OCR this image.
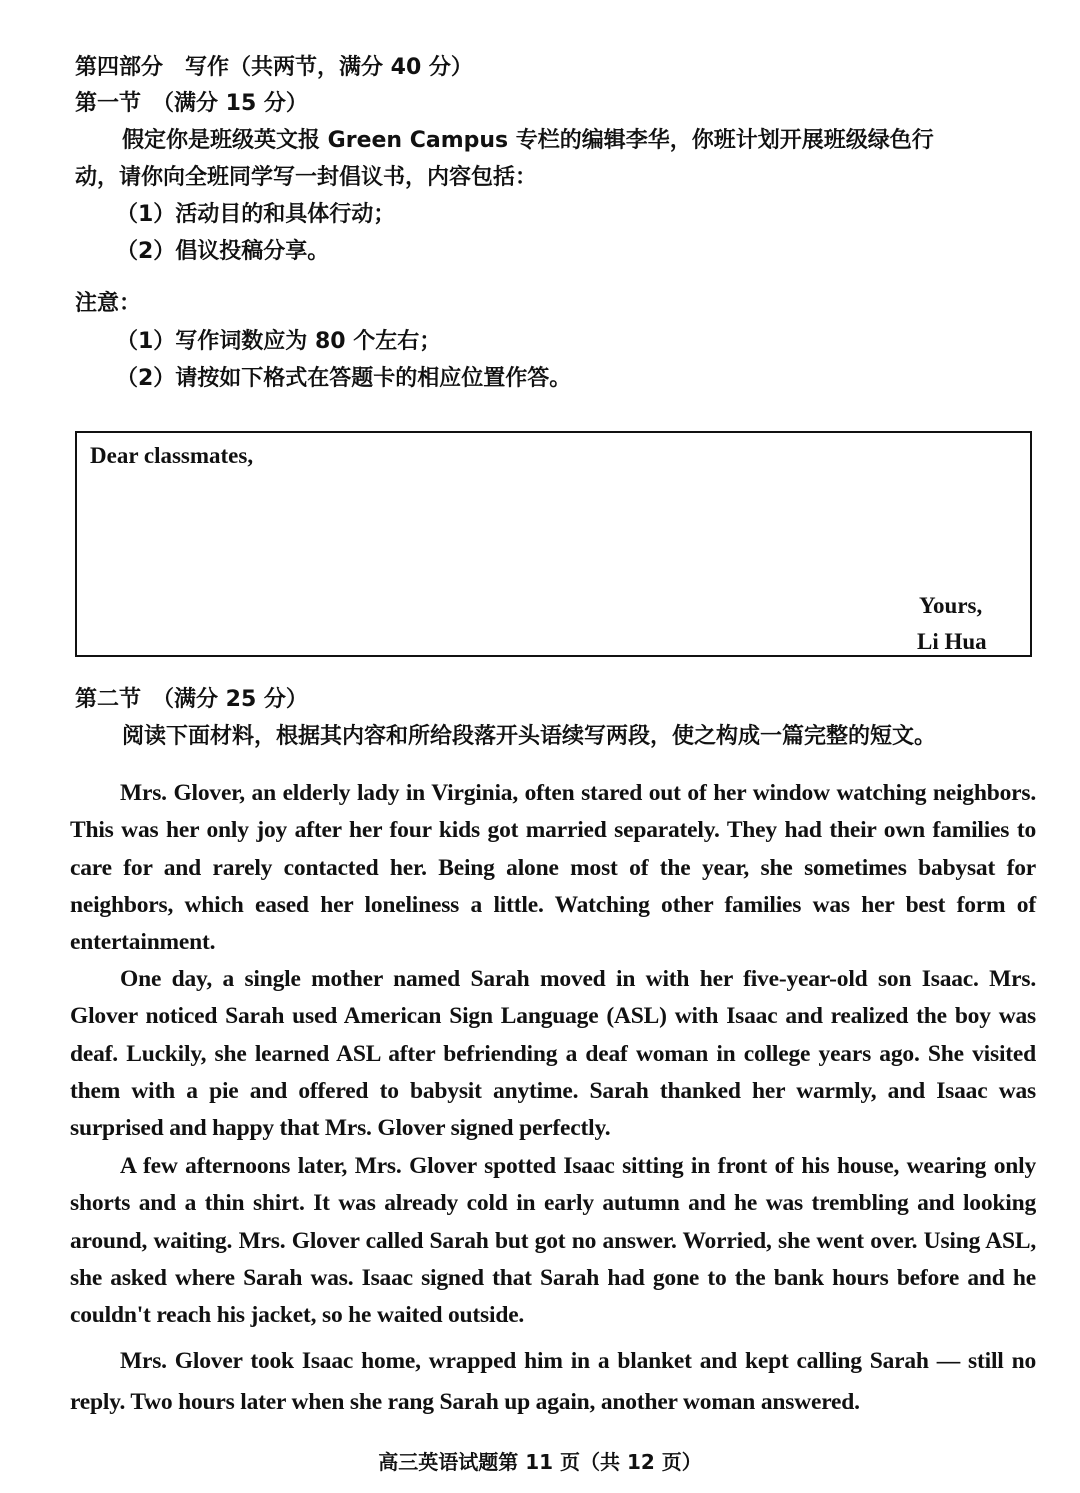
第四部分　写作（共两节，满分 40 分）
第一节　（满分 15 分）
假定你是班级英文报 Green Campus 专栏的编辑李华，你班计划开展班级绿色行
动，请你向全班同学写一封倡议书，内容包括：
（1）活动目的和具体行动；
（2）倡议投稿分享。
注意：
（1）写作词数应为 80 个左右；
（2）请按如下格式在答题卡的相应位置作答。
Dear classmates,
Yours,
Li Hua
第二节　（满分 25 分）
阅读下面材料，根据其内容和所给段落开头语续写两段，使之构成一篇完整的短文。

Mrs. Glover, an elderly lady in Virginia, often stared out of her window watching neighbors. This was her only joy after her four kids got married separately. They had their own families to care for and rarely contacted her. Being alone most of the year, she sometimes babysat for neighbors, which eased her loneliness a little. Watching other families was her best form of entertainment.

One day, a single mother named Sarah moved in with her five-year-old son Isaac. Mrs. Glover noticed Sarah used American Sign Language (ASL) with Isaac and realized the boy was deaf. Luckily, she learned ASL after befriending a deaf woman in college years ago. She visited them with a pie and offered to babysit anytime. Sarah thanked her warmly, and Isaac was surprised and happy that Mrs. Glover signed perfectly.

A few afternoons later, Mrs. Glover spotted Isaac sitting in front of his house, wearing only shorts and a thin shirt. It was already cold in early autumn and he was trembling and looking around, waiting. Mrs. Glover called Sarah but got no answer. Worried, she went over. Using ASL, she asked where Sarah was. Isaac signed that Sarah had gone to the bank hours before and he couldn't reach his jacket, so he waited outside.

Mrs. Glover took Isaac home, wrapped him in a blanket and kept calling Sarah — still no reply. Two hours later when she rang Sarah up again, another woman answered.

高三英语试题第 11 页（共 12 页）
